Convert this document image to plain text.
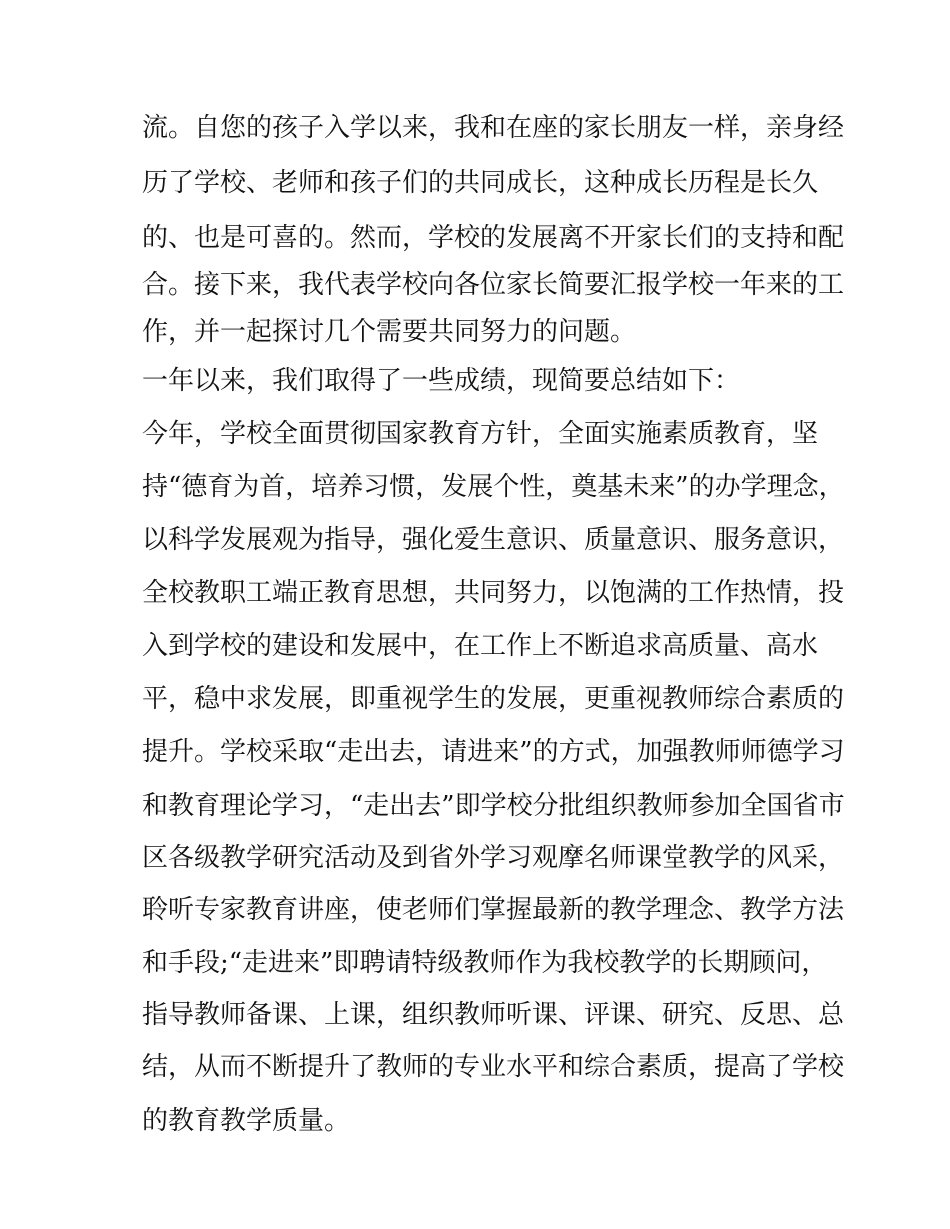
流。自您的孩子入学以来，我和在座的家长朋友一样，亲身经
历了学校、老师和孩子们的共同成长，这种成长历程是长久
的、也是可喜的。然而，学校的发展离不开家长们的支持和配
合。接下来，我代表学校向各位家长简要汇报学校一年来的工
作，并一起探讨几个需要共同努力的问题。
一年以来，我们取得了一些成绩，现简要总结如下：
今年，学校全面贯彻国家教育方针，全面实施素质教育，坚
持“德育为首，培养习惯，发展个性，奠基未来”的办学理念，
以科学发展观为指导，强化爱生意识、质量意识、服务意识，
全校教职工端正教育思想，共同努力，以饱满的工作热情，投
入到学校的建设和发展中，在工作上不断追求高质量、高水
平，稳中求发展，即重视学生的发展，更重视教师综合素质的
提升。学校采取“走出去，请进来”的方式，加强教师师德学习
和教育理论学习，“走出去”即学校分批组织教师参加全国省市
区各级教学研究活动及到省外学习观摩名师课堂教学的风采，
聆听专家教育讲座，使老师们掌握最新的教学理念、教学方法
和手段;“走进来”即聘请特级教师作为我校教学的长期顾问，
指导教师备课、上课，组织教师听课、评课、研究、反思、总
结，从而不断提升了教师的专业水平和综合素质，提高了学校
的教育教学质量。
